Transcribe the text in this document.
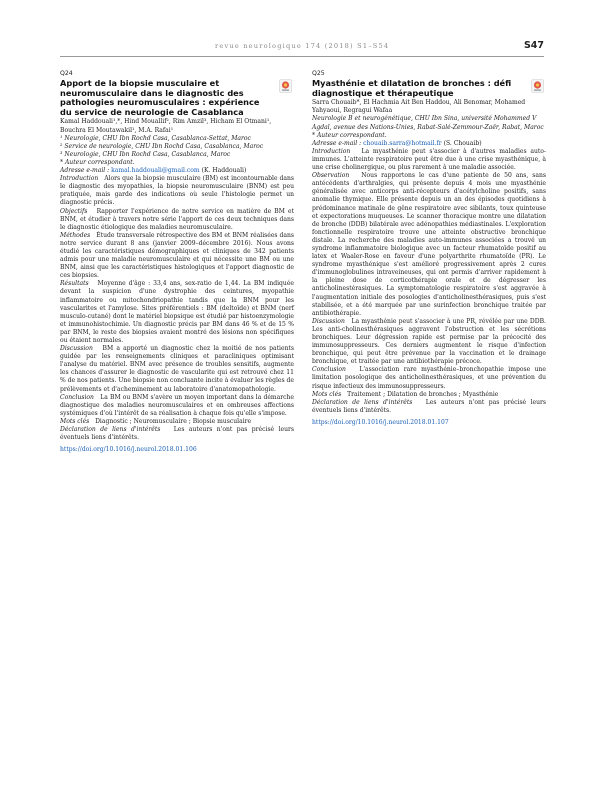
revue neurologique 174 (2018) S1–S54	S47
Q24
Apport de la biopsie musculaire et neuromusculaire dans le diagnostic des pathologies neuromusculaires : expérience du service de neurologie de Casablanca
Kamal Haddouali¹,*, Hind Mouallif², Rim Amzil³, Hicham El Otmani¹, Bouchra El Moutawakil¹, M.A. Rafai¹
¹ Neurologie, CHU Ibn Rochd Casa, Casablanca-Settat, Maroc
² Service de neurologie, CHU Ibn Rochd Casa, Casablanca, Maroc
³ Neurologie, CHU Ibn Rochd Casa, Casablanca, Maroc
* Auteur correspondant.
Adresse e-mail : kamal.haddouali@gmail.com (K. Haddouali)

Introduction Alors que la biopsie musculaire (BM) est incontournable dans le diagnostic des myopathies, la biopsie neuromusculaire (BNM) est peu pratiquée, mais garde des indications où seule l'histologie permet un diagnostic précis.

Objectifs Rapporter l'expérience de notre service en matière de BM et BNM, et étudier à travers notre série l'apport de ces deux techniques dans le diagnostic étiologique des maladies neuromusculaire.

Méthodes Étude transversale rétrospective des BM et BNM réalisées dans notre service durant 8 ans (janvier 2009–décembre 2016). Nous avons étudié les caractéristiques démographiques et cliniques de 342 patients admis pour une maladie neuromusculaire et qui nécessite une BM ou une BNM, ainsi que les caractéristiques histologiques et l'apport diagnostic de ces biopsies.

Résultats Moyenne d'âge : 33,4 ans, sex-ratio de 1,44. La BM indiquée devant la suspicion d'une dystrophie des ceintures, myopathie inflammatoire ou mitochondriopathie tandis que la BNM pour les vascularites et l'amylose. Sites préférentiels : BM (deltoïde) et BNM (nerf musculo-cutané) dont le matériel biopsique est étudié par histoenzymologie et immunohistochimie. Un diagnostic précis par BM dans 46 % et de 15 % par BNM, le reste des biopsies avaient montré des lésions non spécifiques ou étaient normales.

Discussion BM a apporté un diagnostic chez la moitié de nos patients guidée par les renseignements cliniques et paracliniques optimisant l'analyse du matériel. BNM avec présence de troubles sensitifs, augmente les chances d'assurer le diagnostic de vascularite qui est retrouvé chez 11 % de nos patients. Une biopsie non concluante incite à évaluer les règles de prélèvements et d'acheminement au laboratoire d'anatomopathologie.

Conclusion La BM ou BNM s'avère un moyen important dans la démarche diagnostique des maladies neuromusculaires et en ombreuses affections systémiques d'où l'intérêt de sa réalisation à chaque fois qu'elle s'impose.

Mots clés Diagnostic ; Neuromusculaire ; Biopsie musculaire

Déclaration de liens d'intérêts Les auteurs n'ont pas précisé leurs éventuels liens d'intérêts.

https://doi.org/10.1016/j.neurol.2018.01.106
Q25
Myasthénie et dilatation de bronches : défi diagnostique et thérapeutique
Sarra Chouaib*, El Hachmia Ait Ben Haddou, Ali Benomar, Mohamed Yahyaoui, Regragui Wafaa
Neurologie B et neurogénétique, CHU Ibn Sina, université Mohammed V Agdal, avenue des Nations-Unies, Rabat-Salé-Zemmour-Zaër, Rabat, Maroc
* Auteur correspondant.
Adresse e-mail : chouaib.sarra@hotmail.fr (S. Chouaib)

Introduction La myasthénie peut s'associer à d'autres maladies auto-immunes. L'atteinte respiratoire peut être due à une crise myasthénique, à une crise cholinergique, ou plus rarement à une maladie associée.

Observation Nous rapportons le cas d'une patiente de 50 ans, sans antécédents d'arthralgies, qui présente depuis 4 mois une myasthénie généralisée avec anticorps anti-récepteurs d'acétylcholine positifs, sans anomalie thymique. Elle présente depuis un an des épisodes quotidiens à prédominance matinale de gêne respiratoire avec sibilants, toux quinteuse et expectorations muqueuses. Le scanner thoracique montre une dilatation de bronche (DDB) bilatérale avec adénopathies médiastinales. L'exploration fonctionnelle respiratoire trouve une atteinte obstructive bronchique distale. La recherche des maladies auto-immunes associées a trouvé un syndrome inflammatoire biologique avec un facteur rhumatoïde positif au latex et Waaler-Rose en faveur d'une polyarthrite rhumatoïde (PR). Le syndrome myasthénique s'est amélioré progressivement après 2 cures d'immunoglobulines intraveineuses, qui ont permis d'arriver rapidement à la pleine dose de corticothérapie orale et de dégresser les anticholinestérasiques. La symptomatologie respiratoire s'est aggravée à l'augmentation initiale des posologies d'anticholinesthérasiques, puis s'est stabilisée, et a été marquée par une surinfection bronchique traitée par antibiothérapie.

Discussion La myasthénie peut s'associer à une PR, révélée par une DDB. Les anti-cholinesthérasiques aggravent l'obstruction et les sécrétions bronchiques. Leur dégression rapide est permise par la précocité des immunosuppresseurs. Ces derniers augmentent le risque d'infection bronchique, qui peut être prévenue par la vaccination et le drainage bronchique, et traitée par une antibiothérapie précoce.

Conclusion L'association rare myasthénie–bronchopathie impose une limitation posologique des anticholinesthérasiques, et une prévention du risque infectieux des immunosuppresseurs.

Mots clés Traitement ; Dilatation de bronches ; Myasthénie

Déclaration de liens d'intérêts Les auteurs n'ont pas précisé leurs éventuels liens d'intérêts.

https://doi.org/10.1016/j.neurol.2018.01.107
